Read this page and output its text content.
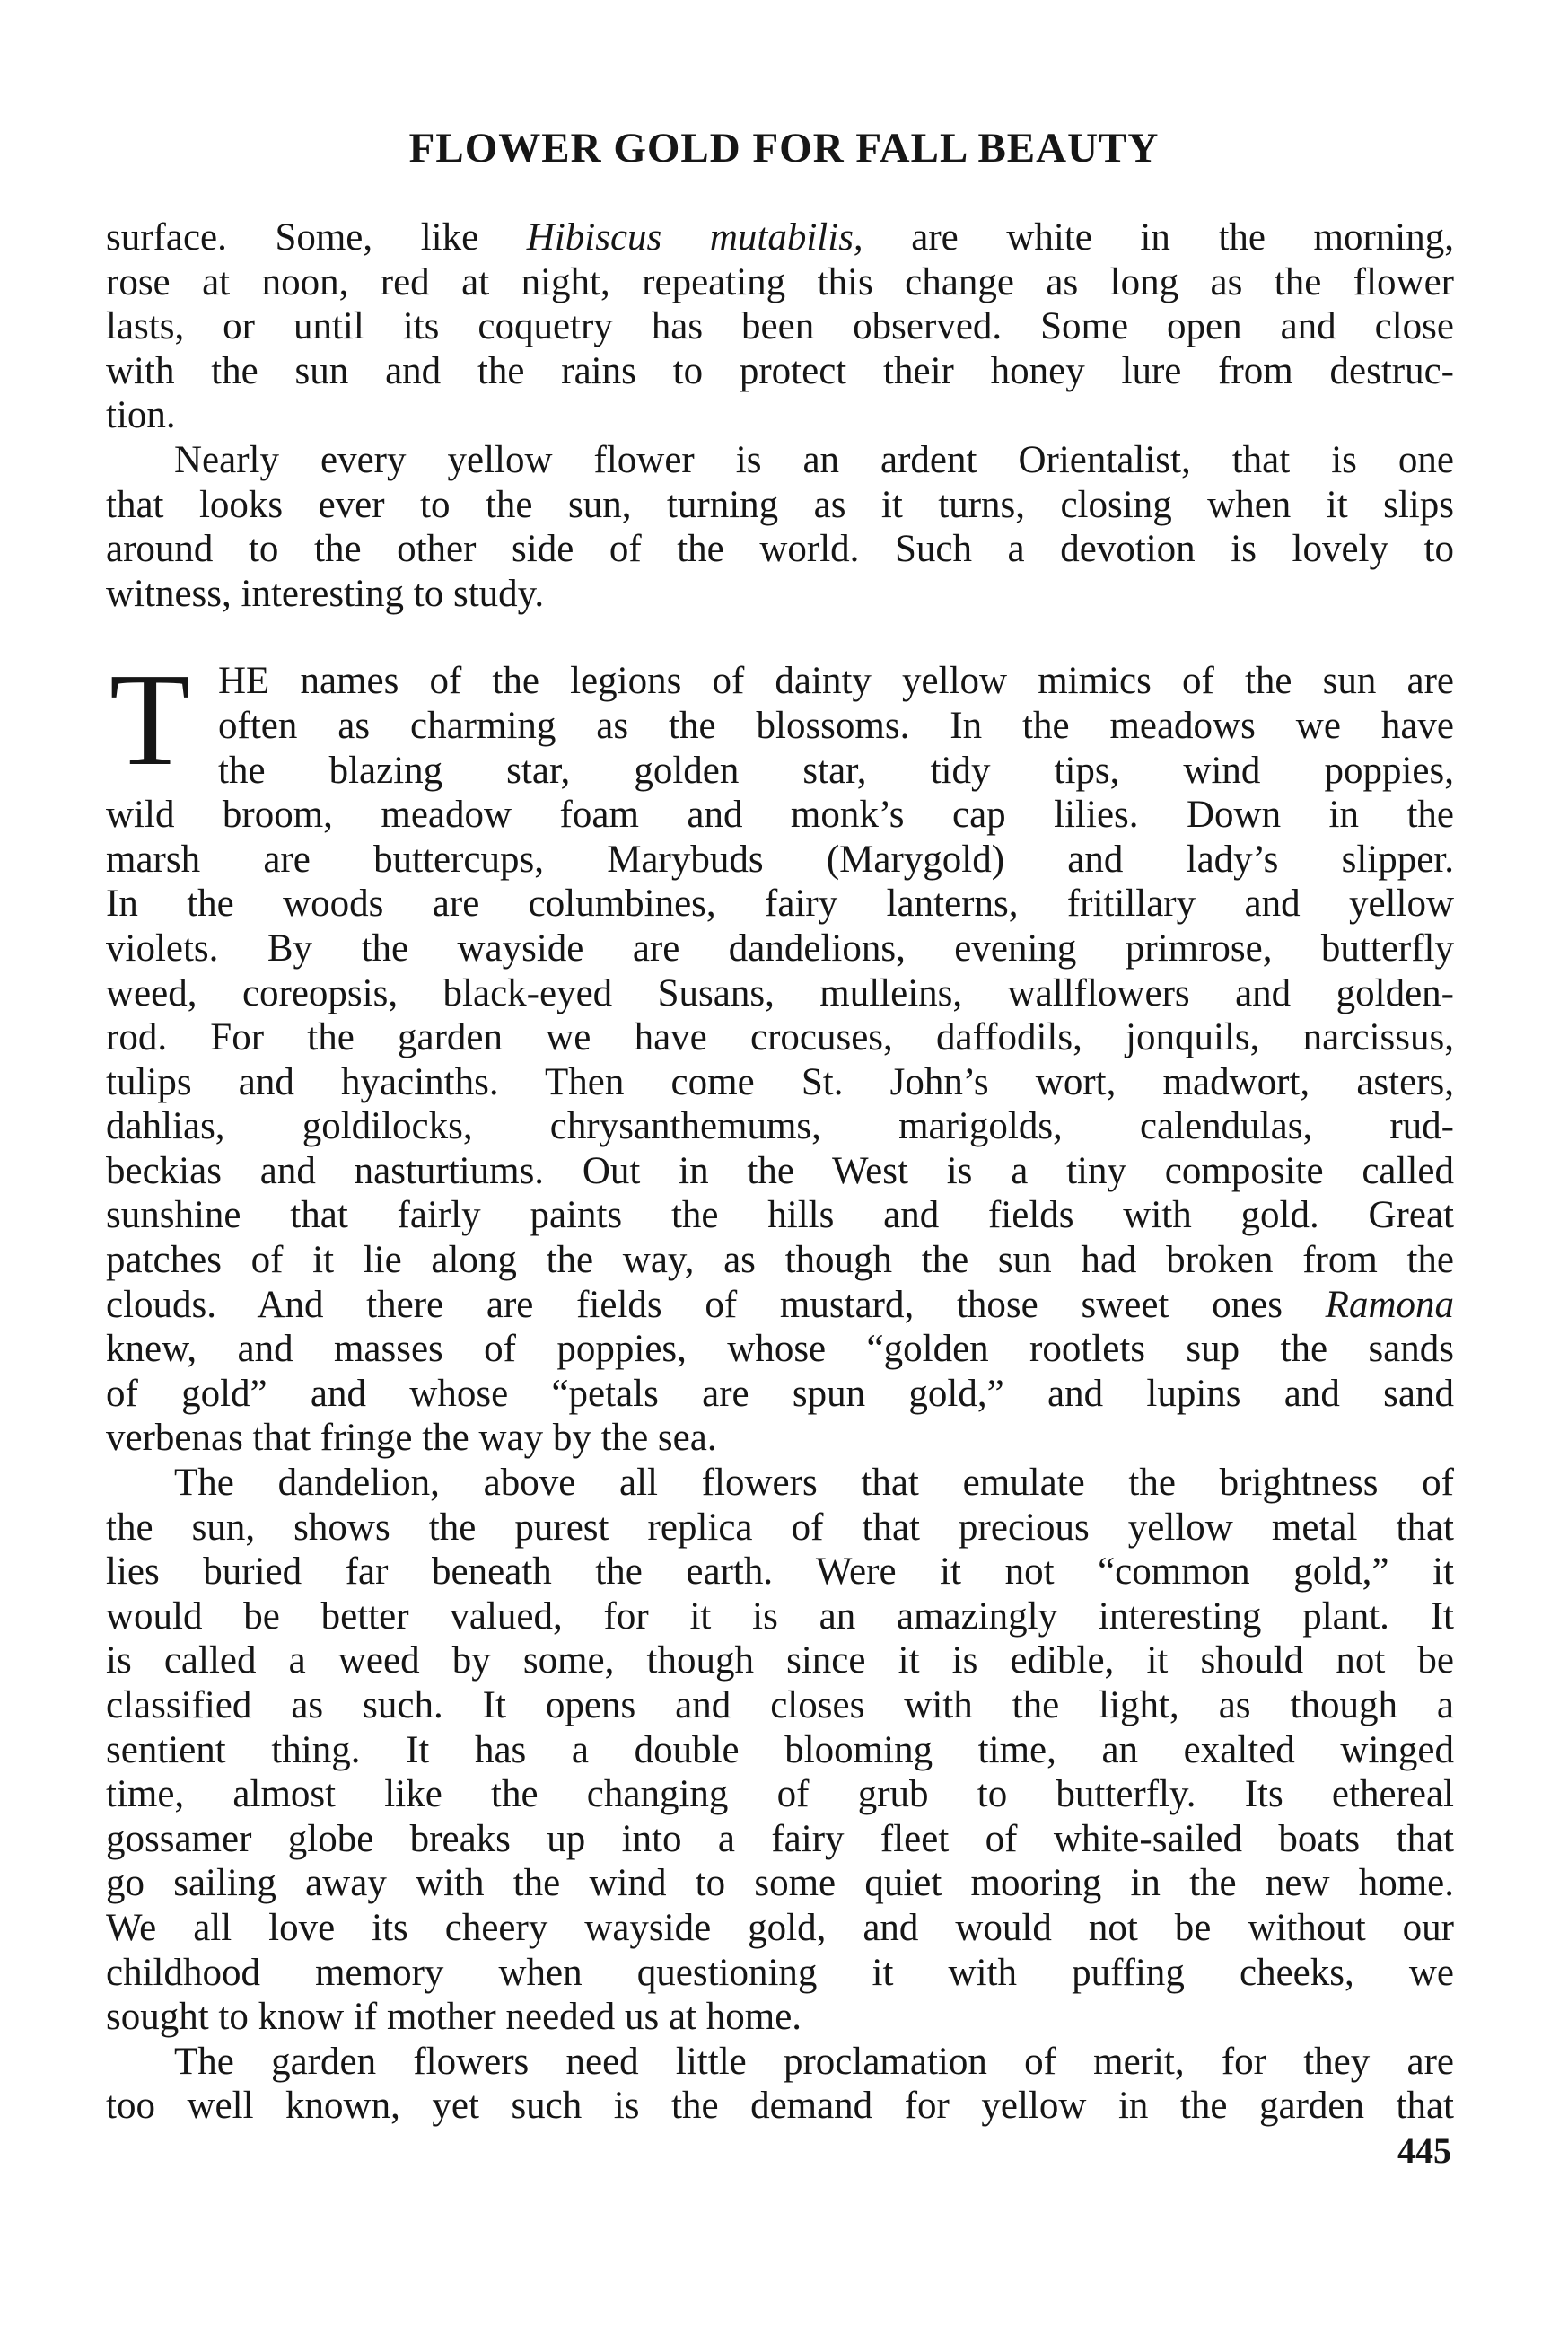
FLOWER GOLD FOR FALL BEAUTY
surface. Some, like Hibiscus mutabilis, are white in the morning,
rose at noon, red at night, repeating this change as long as the flower
lasts, or until its coquetry has been observed. Some open and close
with the sun and the rains to protect their honey lure from destruc-
tion.
Nearly every yellow flower is an ardent Orientalist, that is one
that looks ever to the sun, turning as it turns, closing when it slips
around to the other side of the world. Such a devotion is lovely to
witness, interesting to study.
T HE names of the legions of dainty yellow mimics of the sun are
often as charming as the blossoms. In the meadows we have
the blazing star, golden star, tidy tips, wind poppies,
wild broom, meadow foam and monk’s cap lilies. Down in the
marsh are buttercups, Marybuds (Marygold) and lady’s slipper.
In the woods are columbines, fairy lanterns, fritillary and yellow
violets. By the wayside are dandelions, evening primrose, butterfly
weed, coreopsis, black-eyed Susans, mulleins, wallflowers and golden-
rod. For the garden we have crocuses, daffodils, jonquils, narcissus,
tulips and hyacinths. Then come St. John’s wort, madwort, asters,
dahlias, goldilocks, chrysanthemums, marigolds, calendulas, rud-
beckias and nasturtiums. Out in the West is a tiny composite called
sunshine that fairly paints the hills and fields with gold. Great
patches of it lie along the way, as though the sun had broken from the
clouds. And there are fields of mustard, those sweet ones Ramona
knew, and masses of poppies, whose “golden rootlets sup the sands
of gold” and whose “petals are spun gold,” and lupins and sand
verbenas that fringe the way by the sea.
The dandelion, above all flowers that emulate the brightness of
the sun, shows the purest replica of that precious yellow metal that
lies buried far beneath the earth. Were it not “common gold,” it
would be better valued, for it is an amazingly interesting plant. It
is called a weed by some, though since it is edible, it should not be
classified as such. It opens and closes with the light, as though a
sentient thing. It has a double blooming time, an exalted winged
time, almost like the changing of grub to butterfly. Its ethereal
gossamer globe breaks up into a fairy fleet of white-sailed boats that
go sailing away with the wind to some quiet mooring in the new home.
We all love its cheery wayside gold, and would not be without our
childhood memory when questioning it with puffing cheeks, we
sought to know if mother needed us at home.
The garden flowers need little proclamation of merit, for they are
too well known, yet such is the demand for yellow in the garden that
445
